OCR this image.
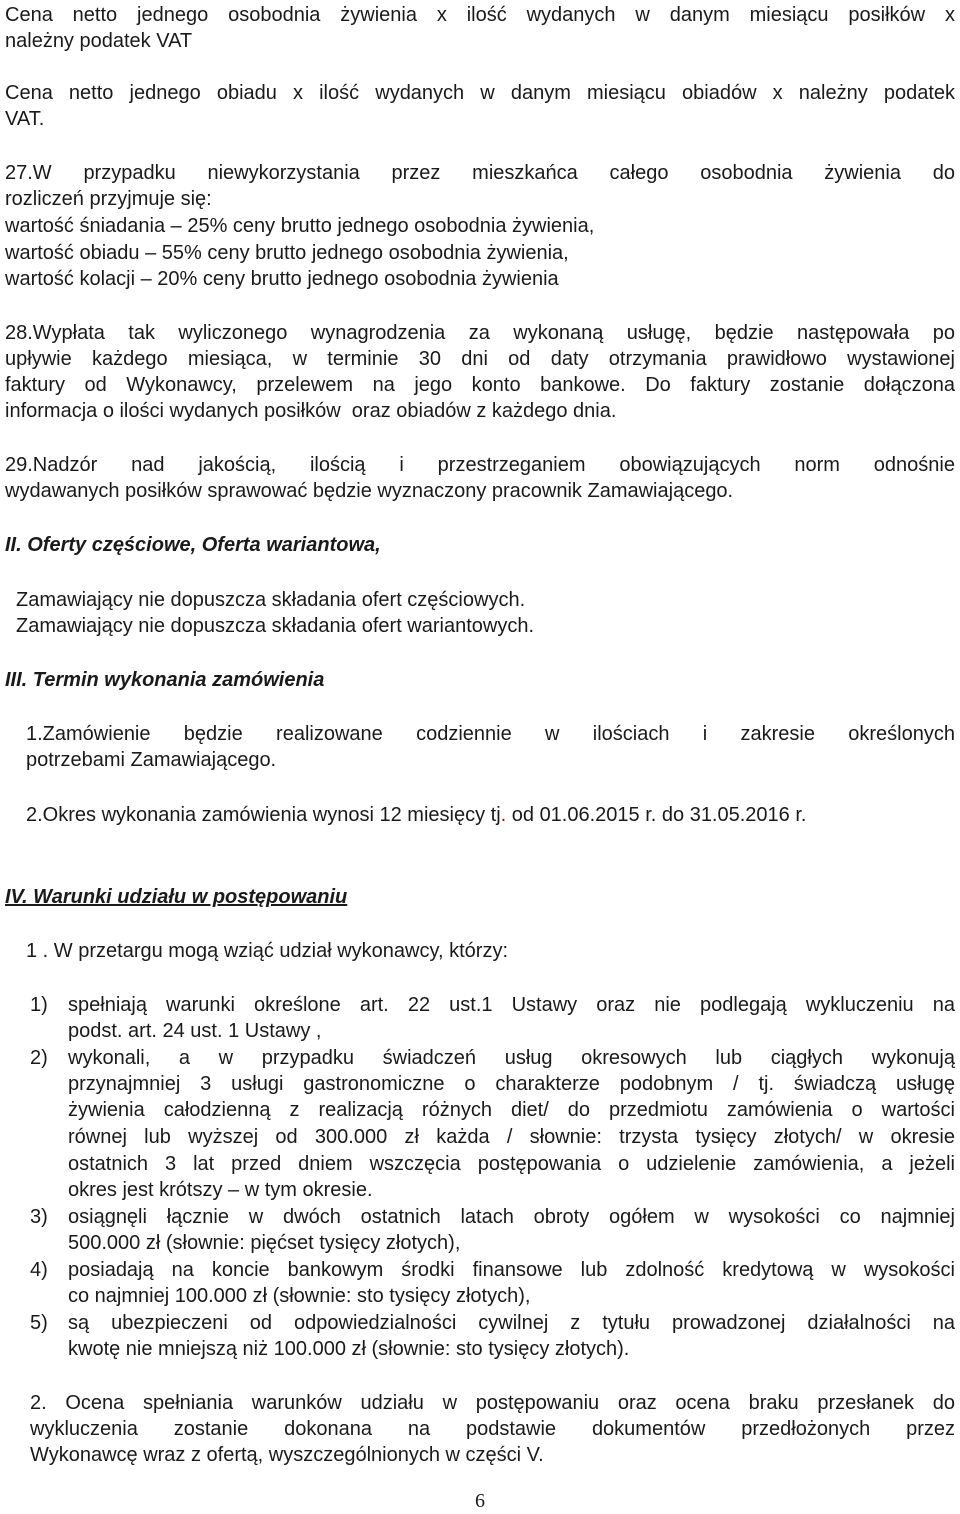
Cena netto jednego osobodnia żywienia x ilość wydanych w danym miesiącu posiłków x
należny podatek VAT
Cena netto jednego obiadu x ilość wydanych w danym miesiącu obiadów x należny podatek
VAT.
27.W przypadku niewykorzystania przez mieszkańca całego osobodnia żywienia do
rozliczeń przyjmuje się:
wartość śniadania – 25% ceny brutto jednego osobodnia żywienia,
wartość obiadu – 55% ceny brutto jednego osobodnia żywienia,
wartość kolacji – 20% ceny brutto jednego osobodnia żywienia
28.Wypłata tak wyliczonego wynagrodzenia za wykonaną usługę, będzie następowała po
upływie każdego miesiąca, w terminie 30 dni od daty otrzymania prawidłowo wystawionej
faktury od Wykonawcy, przelewem na jego konto bankowe. Do faktury zostanie dołączona
informacja o ilości wydanych posiłków  oraz obiadów z każdego dnia.
29.Nadzór nad jakością, ilością i przestrzeganiem obowiązujących norm odnośnie
wydawanych posiłków sprawować będzie wyznaczony pracownik Zamawiającego.
II. Oferty częściowe, Oferta wariantowa,
Zamawiający nie dopuszcza składania ofert częściowych.
Zamawiający nie dopuszcza składania ofert wariantowych.
III. Termin wykonania zamówienia
1.Zamówienie będzie realizowane codziennie w ilościach i zakresie określonych
potrzebami Zamawiającego.
2.Okres wykonania zamówienia wynosi 12 miesięcy tj. od 01.06.2015 r. do 31.05.2016 r.
IV. Warunki udziału w postępowaniu
1 . W przetargu mogą wziąć udział wykonawcy, którzy:
1) spełniają warunki określone art. 22 ust.1 Ustawy oraz nie podlegają wykluczeniu na
podst. art. 24 ust. 1 Ustawy ,
2) wykonali, a w przypadku świadczeń usług okresowych lub ciągłych wykonują
przynajmniej 3 usługi gastronomiczne o charakterze podobnym / tj. świadczą usługę
żywienia całodzienną z realizacją różnych diet/ do przedmiotu zamówienia o wartości
równej lub wyższej od 300.000 zł każda / słownie: trzysta tysięcy złotych/ w okresie
ostatnich 3 lat przed dniem wszczęcia postępowania o udzielenie zamówienia, a jeżeli
okres jest krótszy – w tym okresie.
3) osiągnęli łącznie w dwóch ostatnich latach obroty ogółem w wysokości co najmniej
500.000 zł (słownie: pięćset tysięcy złotych),
4) posiadają na koncie bankowym środki finansowe lub zdolność kredytową w wysokości
co najmniej 100.000 zł (słownie: sto tysięcy złotych),
5) są ubezpieczeni od odpowiedzialności cywilnej z tytułu prowadzonej działalności na
kwotę nie mniejszą niż 100.000 zł (słownie: sto tysięcy złotych).
2. Ocena spełniania warunków udziału w postępowaniu oraz ocena braku przesłanek do
wykluczenia zostanie dokonana na podstawie dokumentów przedłożonych przez
Wykonawcę wraz z ofertą, wyszczególnionych w części V.
6
